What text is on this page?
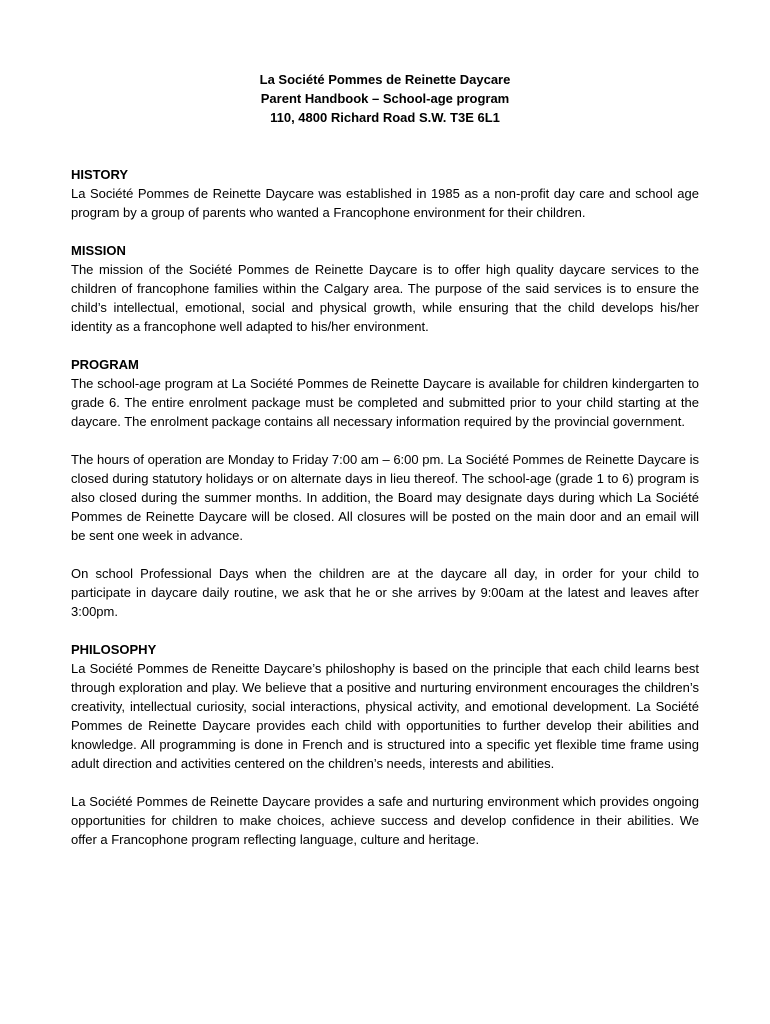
La Société Pommes de Reinette Daycare
Parent Handbook – School-age program
110, 4800 Richard Road S.W. T3E 6L1
HISTORY

La Société Pommes de Reinette Daycare was established in 1985 as a non-profit day care and school age program by a group of parents who wanted a Francophone environment for their children.

MISSION

The mission of the Société Pommes de Reinette Daycare is to offer high quality daycare services to the children of francophone families within the Calgary area. The purpose of the said services is to ensure the child’s intellectual, emotional, social and physical growth, while ensuring that the child develops his/her identity as a francophone well adapted to his/her environment.

PROGRAM

The school-age program at La Société Pommes de Reinette Daycare is available for children kindergarten to grade 6. The entire enrolment package must be completed and submitted prior to your child starting at the daycare. The enrolment package contains all necessary information required by the provincial government.

The hours of operation are Monday to Friday 7:00 am – 6:00 pm. La Société Pommes de Reinette Daycare is closed during statutory holidays or on alternate days in lieu thereof. The school-age (grade 1 to 6) program is also closed during the summer months. In addition, the Board may designate days during which La Société Pommes de Reinette Daycare will be closed. All closures will be posted on the main door and an email will be sent one week in advance.

On school Professional Days when the children are at the daycare all day, in order for your child to participate in daycare daily routine, we ask that he or she arrives by 9:00am at the latest and leaves after 3:00pm.

PHILOSOPHY

La Société Pommes de Reneitte Daycare’s philoshophy is based on the principle that each child learns best through exploration and play. We believe that a positive and nurturing environment encourages the children’s creativity, intellectual curiosity, social interactions, physical activity, and emotional development. La Société Pommes de Reinette Daycare provides each child with opportunities to further develop their abilities and knowledge. All programming is done in French and is structured into a specific yet flexible time frame using adult direction and activities centered on the children’s needs, interests and abilities.

La Société Pommes de Reinette Daycare provides a safe and nurturing environment which provides ongoing opportunities for children to make choices, achieve success and develop confidence in their abilities. We offer a Francophone program reflecting language, culture and heritage.
